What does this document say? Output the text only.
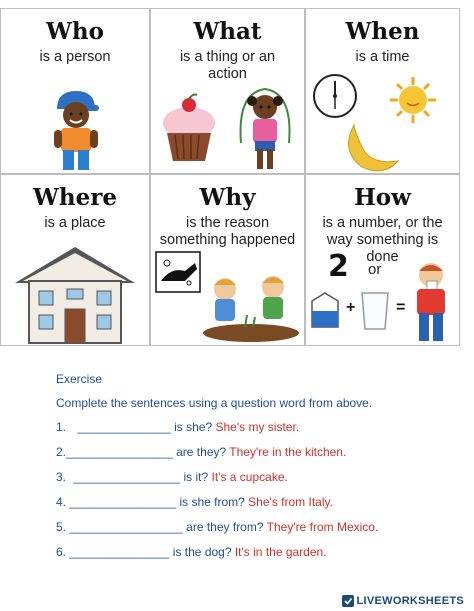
Who
is a person
What
is a thing or an action
When
is a time
Where
is a place
Why
is the reason something happened
How
is a number, or the way something is done
2 or
+	=
Exercise
Complete the sentences using a question word from above.
1. ______________ is she? She's my sister.
2.________________ are they? They're in the kitchen.
3. ________________ is it? It's a cupcake.
4. ________________ is she from? She's from Italy.
5. _________________ are they from? They're from Mexico.
6. _______________ is the dog? It's in the garden.
LIVEWORKSHEETS
